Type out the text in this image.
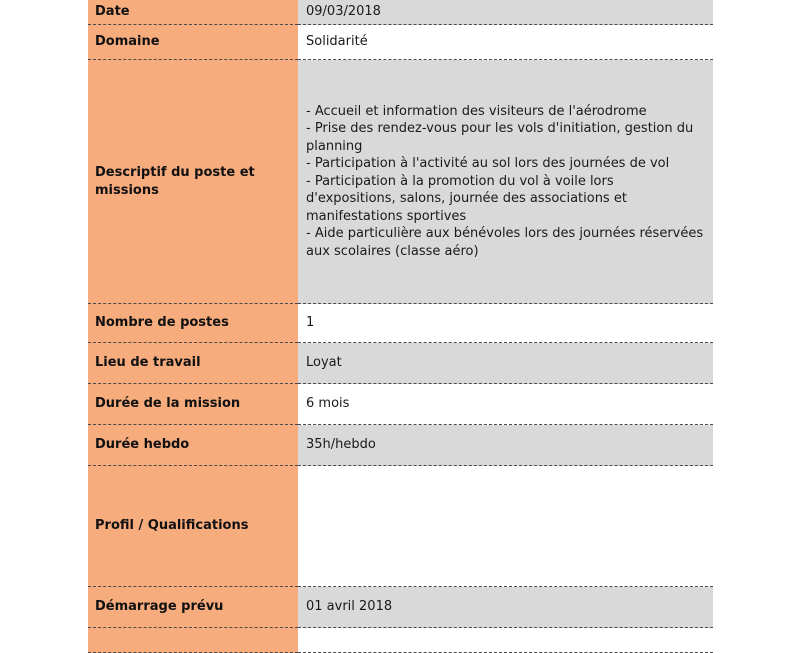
Date	09/03/2018
Domaine	Solidarité
Descriptif du poste et missions	- Accueil et information des visiteurs de l'aérodrome
- Prise des rendez-vous pour les vols d'initiation, gestion du planning
- Participation à l'activité au sol lors des journées de vol
- Participation à la promotion du vol à voile lors d'expositions, salons, journée des associations et manifestations sportives
- Aide particulière aux bénévoles lors des journées réservées aux scolaires (classe aéro)

Nombre de postes	1
Lieu de travail	Loyat
Durée de la mission	6 mois
Durée hebdo	35h/hebdo
Profil / Qualifications	
Démarrage prévu	01 avril 2018
